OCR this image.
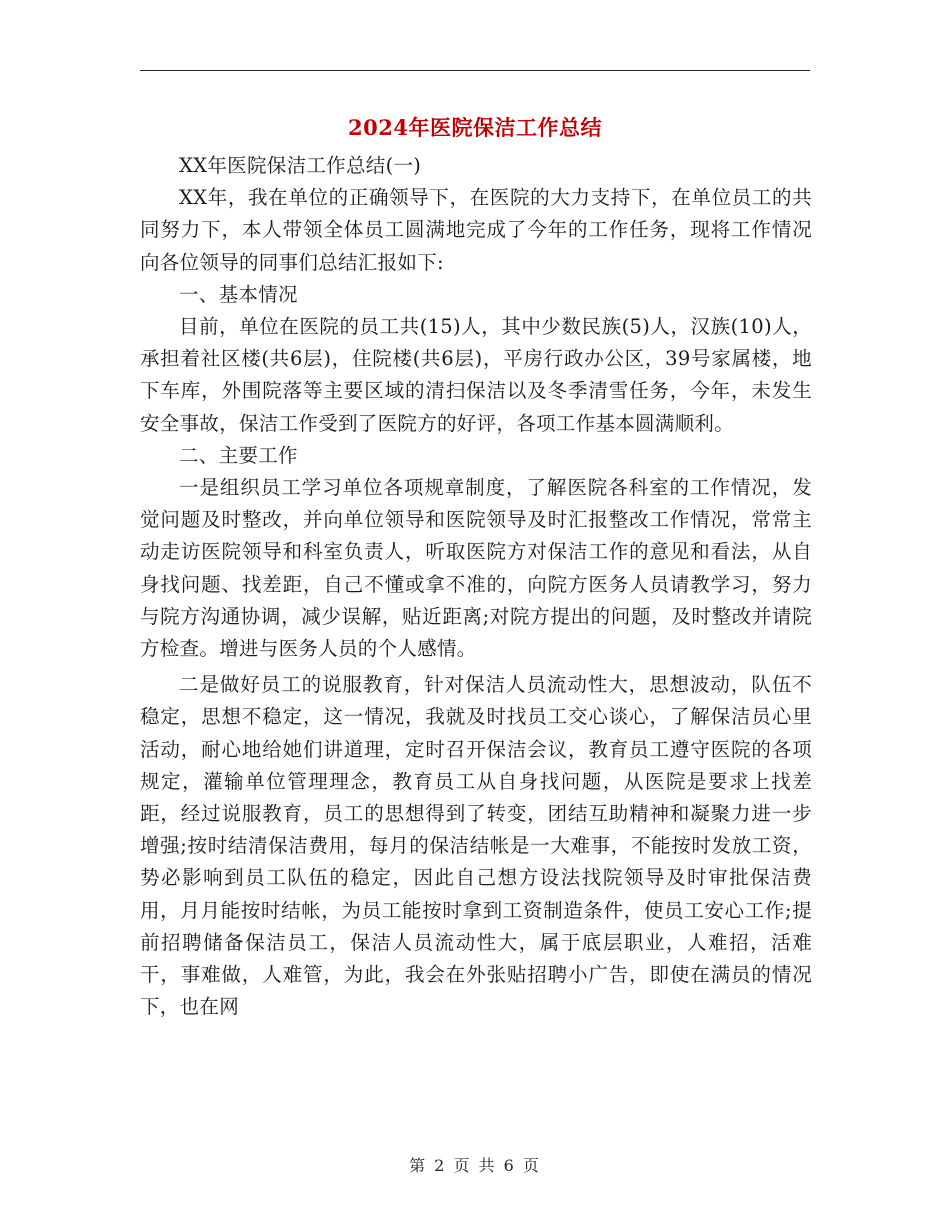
2024年医院保洁工作总结

XX年医院保洁工作总结(一)

XX年，我在单位的正确领导下，在医院的大力支持下，在单位员工的共同努力下，本人带领全体员工圆满地完成了今年的工作任务，现将工作情况向各位领导的同事们总结汇报如下:

一、基本情况

目前，单位在医院的员工共(15)人，其中少数民族(5)人，汉族(10)人，承担着社区楼(共6层)，住院楼(共6层)，平房行政办公区，39号家属楼，地下车库，外围院落等主要区域的清扫保洁以及冬季清雪任务，今年，未发生安全事故，保洁工作受到了医院方的好评，各项工作基本圆满顺利。

二、主要工作

一是组织员工学习单位各项规章制度，了解医院各科室的工作情况，发觉问题及时整改，并向单位领导和医院领导及时汇报整改工作情况，常常主动走访医院领导和科室负责人，听取医院方对保洁工作的意见和看法，从自身找问题、找差距，自己不懂或拿不准的，向院方医务人员请教学习，努力与院方沟通协调，减少误解，贴近距离;对院方提出的问题，及时整改并请院方检查。增进与医务人员的个人感情。

二是做好员工的说服教育，针对保洁人员流动性大，思想波动，队伍不稳定，思想不稳定，这一情况，我就及时找员工交心谈心，了解保洁员心里活动，耐心地给她们讲道理，定时召开保洁会议，教育员工遵守医院的各项规定，灌输单位管理理念，教育员工从自身找问题，从医院是要求上找差距，经过说服教育，员工的思想得到了转变，团结互助精神和凝聚力进一步增强;按时结清保洁费用，每月的保洁结帐是一大难事，不能按时发放工资，势必影响到员工队伍的稳定，因此自己想方设法找院领导及时审批保洁费用，月月能按时结帐，为员工能按时拿到工资制造条件，使员工安心工作;提前招聘储备保洁员工，保洁人员流动性大，属于底层职业，人难招，活难干，事难做，人难管，为此，我会在外张贴招聘小广告，即使在满员的情况下，也在网

第 2 页 共 6 页
